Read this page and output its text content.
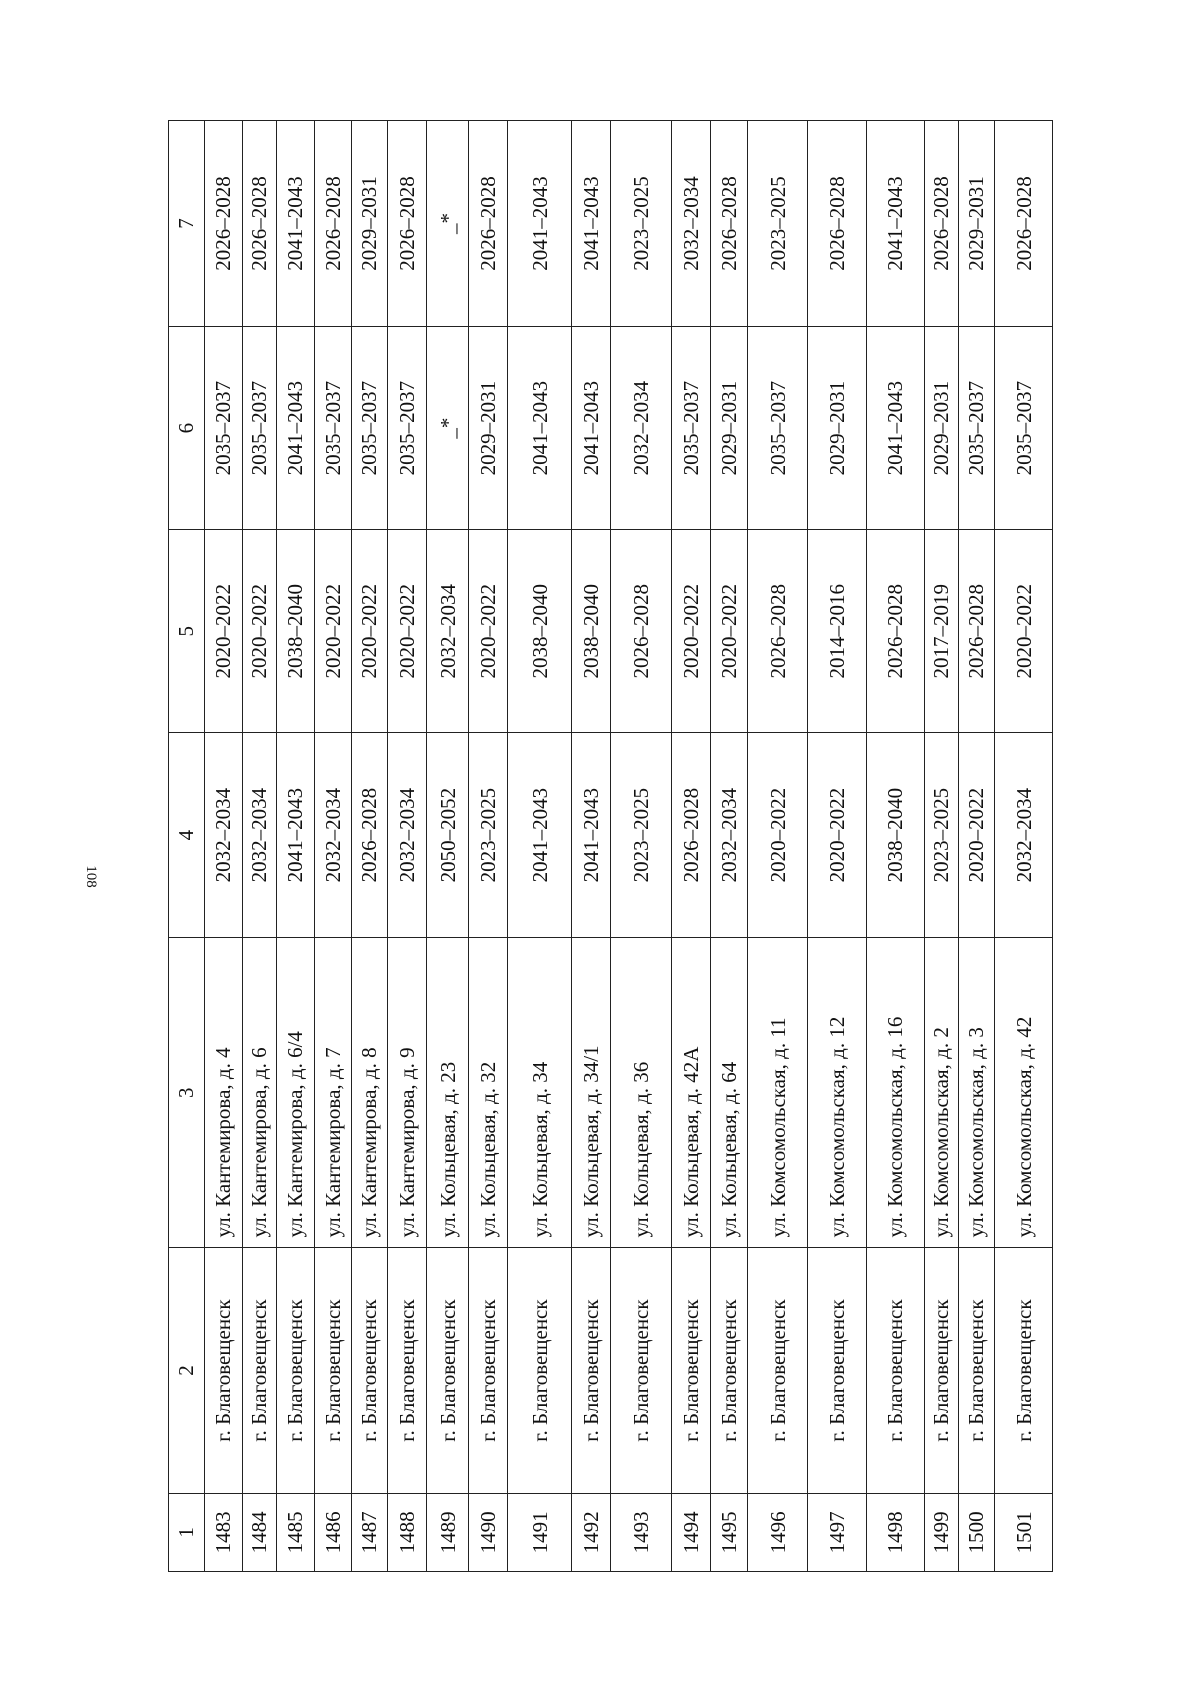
108
1	2	3	4	5	6	7
1483	г. Благовещенск	ул. Кантемирова, д. 4	2032–2034	2020–2022	2035–2037	2026–2028
1484	г. Благовещенск	ул. Кантемирова, д. 6	2032–2034	2020–2022	2035–2037	2026–2028
1485	г. Благовещенск	ул. Кантемирова, д. 6/4	2041–2043	2038–2040	2041–2043	2041–2043
1486	г. Благовещенск	ул. Кантемирова, д. 7	2032–2034	2020–2022	2035–2037	2026–2028
1487	г. Благовещенск	ул. Кантемирова, д. 8	2026–2028	2020–2022	2035–2037	2029–2031
1488	г. Благовещенск	ул. Кантемирова, д. 9	2032–2034	2020–2022	2035–2037	2026–2028
1489	г. Благовещенск	ул. Кольцевая, д. 23	2050–2052	2032–2034	_*	_*
1490	г. Благовещенск	ул. Кольцевая, д. 32	2023–2025	2020–2022	2029–2031	2026–2028
1491	г. Благовещенск	ул. Кольцевая, д. 34	2041–2043	2038–2040	2041–2043	2041–2043
1492	г. Благовещенск	ул. Кольцевая, д. 34/1	2041–2043	2038–2040	2041–2043	2041–2043
1493	г. Благовещенск	ул. Кольцевая, д. 36	2023–2025	2026–2028	2032–2034	2023–2025
1494	г. Благовещенск	ул. Кольцевая, д. 42А	2026–2028	2020–2022	2035–2037	2032–2034
1495	г. Благовещенск	ул. Кольцевая, д. 64	2032–2034	2020–2022	2029–2031	2026–2028
1496	г. Благовещенск	ул. Комсомольская, д. 11	2020–2022	2026–2028	2035–2037	2023–2025
1497	г. Благовещенск	ул. Комсомольская, д. 12	2020–2022	2014–2016	2029–2031	2026–2028
1498	г. Благовещенск	ул. Комсомольская, д. 16	2038–2040	2026–2028	2041–2043	2041–2043
1499	г. Благовещенск	ул. Комсомольская, д. 2	2023–2025	2017–2019	2029–2031	2026–2028
1500	г. Благовещенск	ул. Комсомольская, д. 3	2020–2022	2026–2028	2035–2037	2029–2031
1501	г. Благовещенск	ул. Комсомольская, д. 42	2032–2034	2020–2022	2035–2037	2026–2028
